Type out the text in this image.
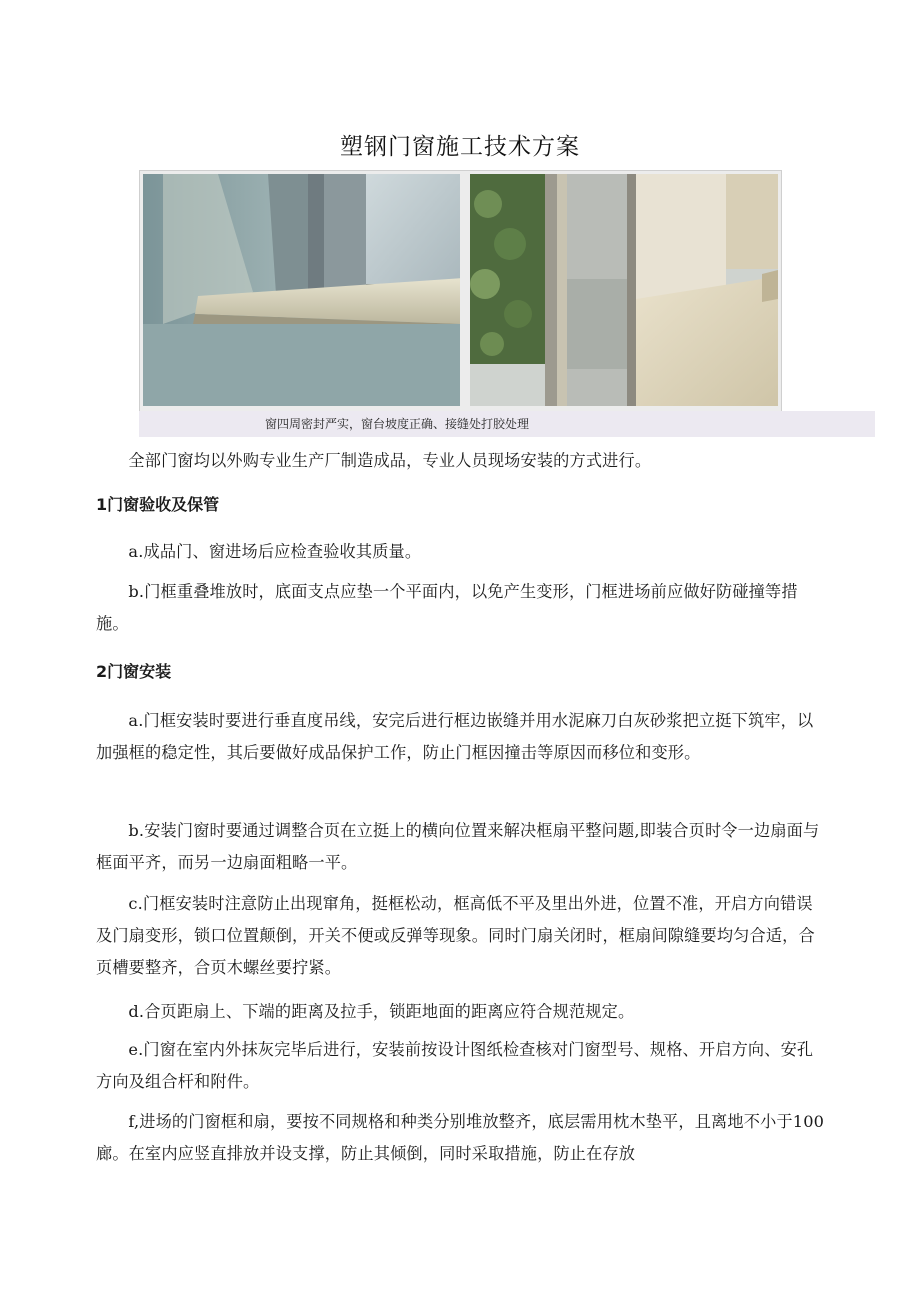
塑钢门窗施工技术方案
窗四周密封严实，窗台坡度正确、接缝处打胶处理
全部门窗均以外购专业生产厂制造成品，专业人员现场安装的方式进行。
1门窗验收及保管
a.成品门、窗进场后应检查验收其质量。
b.门框重叠堆放时，底面支点应垫一个平面内，以免产生变形，门框进场前应做好防碰撞等措施。
2门窗安装
a.门框安装时要进行垂直度吊线，安完后进行框边嵌缝并用水泥麻刀白灰砂浆把立挺下筑牢，以加强框的稳定性，其后要做好成品保护工作，防止门框因撞击等原因而移位和变形。
b.安装门窗时要通过调整合页在立挺上的横向位置来解决框扇平整问题,即装合页时令一边扇面与框面平齐，而另一边扇面粗略一平。
c.门框安装时注意防止出现窜角，挺框松动，框高低不平及里出外进，位置不准，开启方向错误及门扇变形，锁口位置颠倒，开关不便或反弹等现象。同时门扇关闭时，框扇间隙缝要均匀合适，合页槽要整齐，合页木螺丝要拧紧。
d.合页距扇上、下端的距离及拉手，锁距地面的距离应符合规范规定。
e.门窗在室内外抹灰完毕后进行，安装前按设计图纸检查核对门窗型号、规格、开启方向、安孔方向及组合杆和附件。
f,进场的门窗框和扇，要按不同规格和种类分别堆放整齐，底层需用枕木垫平，且离地不小于100廊。在室内应竖直排放并设支撑，防止其倾倒，同时采取措施，防止在存放
